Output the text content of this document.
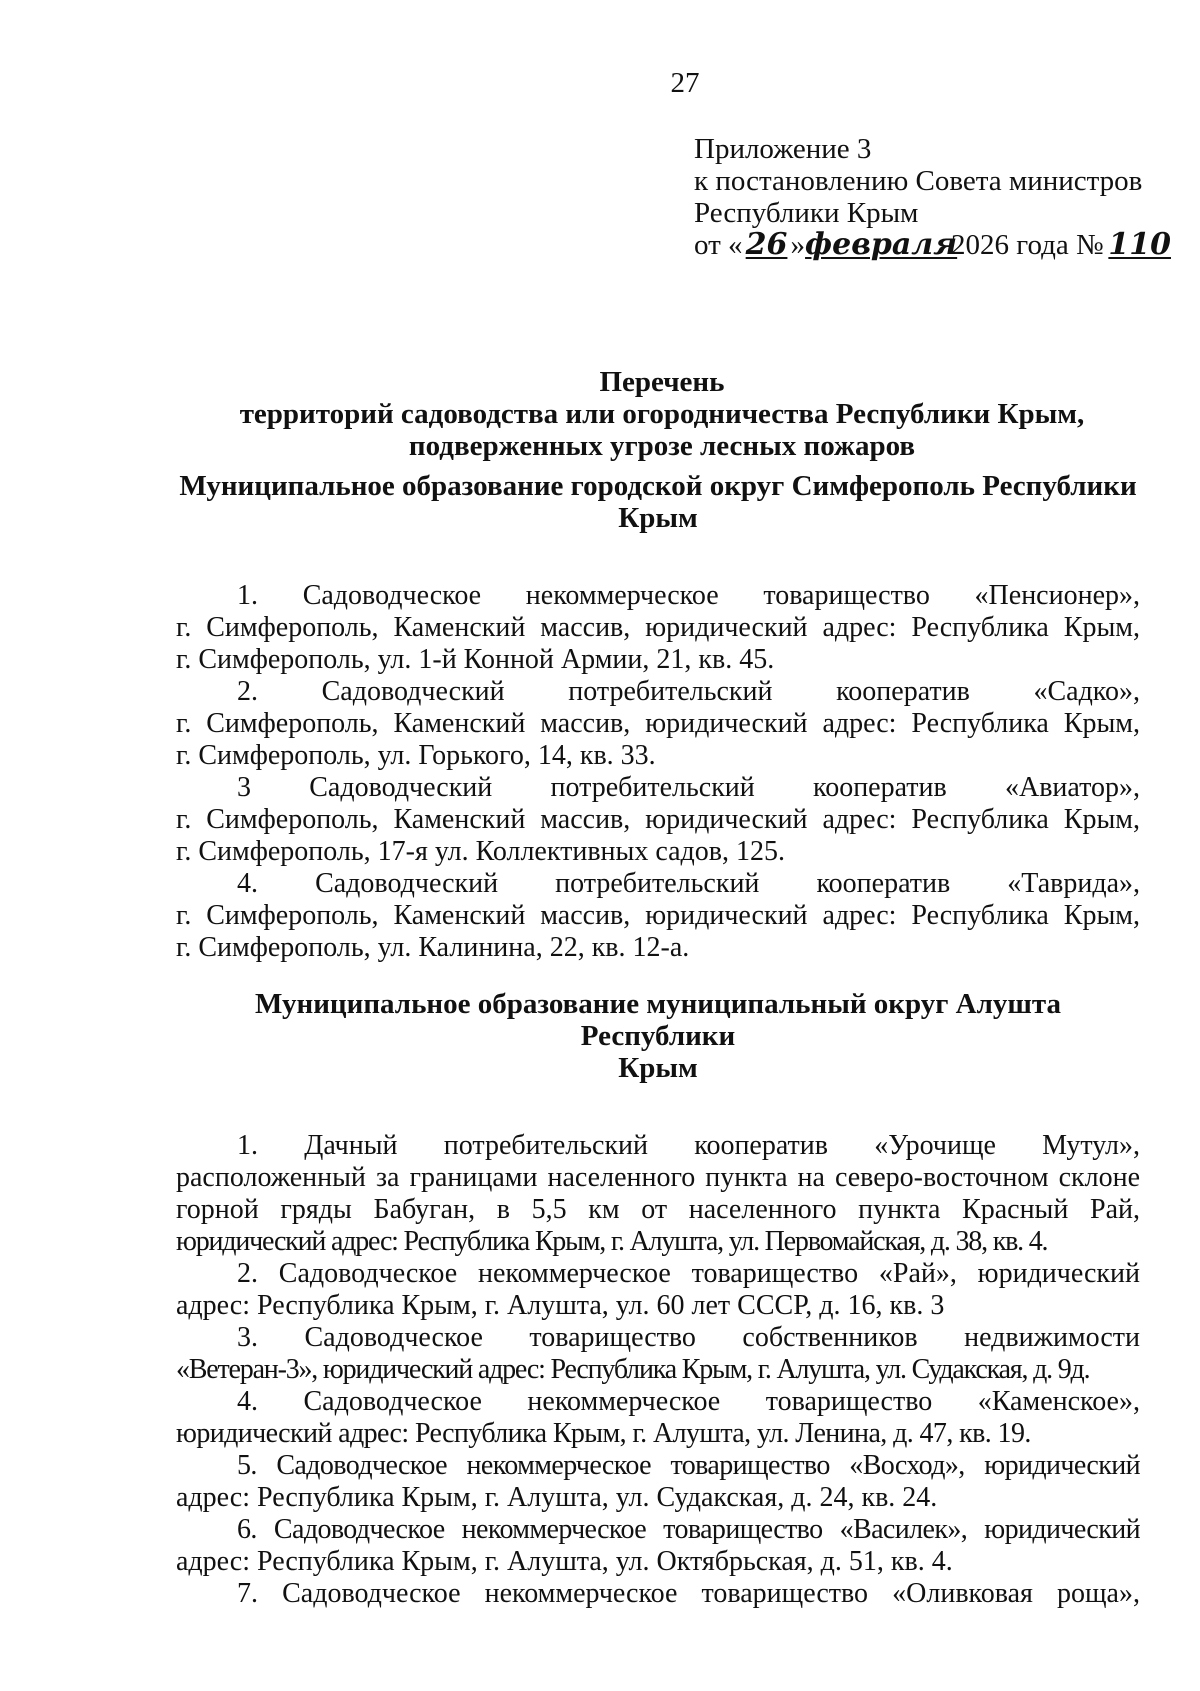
27
Приложение 3
к постановлению Совета министров
Республики Крым
от « 26 »февраля2026 года № 110
Перечень
территорий садоводства или огородничества Республики Крым,
подверженных угрозе лесных пожаров
Муниципальное образование городской округ Симферополь Республики
Крым
1. Садоводческое некоммерческое товарищество «Пенсионер»,
г. Симферополь, Каменский массив, юридический адрес: Республика Крым,
г. Симферополь, ул. 1-й Конной Армии, 21, кв. 45.
2. Садоводческий потребительский кооператив «Садко»,
г. Симферополь, Каменский массив, юридический адрес: Республика Крым,
г. Симферополь, ул. Горького, 14, кв. 33.
3 Садоводческий потребительский кооператив «Авиатор»,
г. Симферополь, Каменский массив, юридический адрес: Республика Крым,
г. Симферополь, 17-я ул. Коллективных садов, 125.
4. Садоводческий потребительский кооператив «Таврида»,
г. Симферополь, Каменский массив, юридический адрес: Республика Крым,
г. Симферополь, ул. Калинина, 22, кв. 12-а.
Муниципальное образование муниципальный округ Алушта Республики
Крым
1. Дачный потребительский кооператив «Урочище Мутул»,
расположенный за границами населенного пункта на северо-восточном склоне
горной гряды Бабуган, в 5,5 км от населенного пункта Красный Рай,
юридический адрес: Республика Крым, г. Алушта, ул. Первомайская, д. 38, кв. 4.
2. Садоводческое некоммерческое товарищество «Рай», юридический
адрес: Республика Крым, г. Алушта, ул. 60 лет СССР, д. 16, кв. 3
3. Садоводческое товарищество собственников недвижимости
«Ветеран-3», юридический адрес: Республика Крым, г. Алушта, ул. Судакская, д. 9д.
4. Садоводческое некоммерческое товарищество «Каменское»,
юридический адрес: Республика Крым, г. Алушта, ул. Ленина, д. 47, кв. 19.
5. Садоводческое некоммерческое товарищество «Восход», юридический
адрес: Республика Крым, г. Алушта, ул. Судакская, д. 24, кв. 24.
6. Садоводческое некоммерческое товарищество «Василек», юридический
адрес: Республика Крым, г. Алушта, ул. Октябрьская, д. 51, кв. 4.
7. Садоводческое некоммерческое товарищество «Оливковая роща»,
